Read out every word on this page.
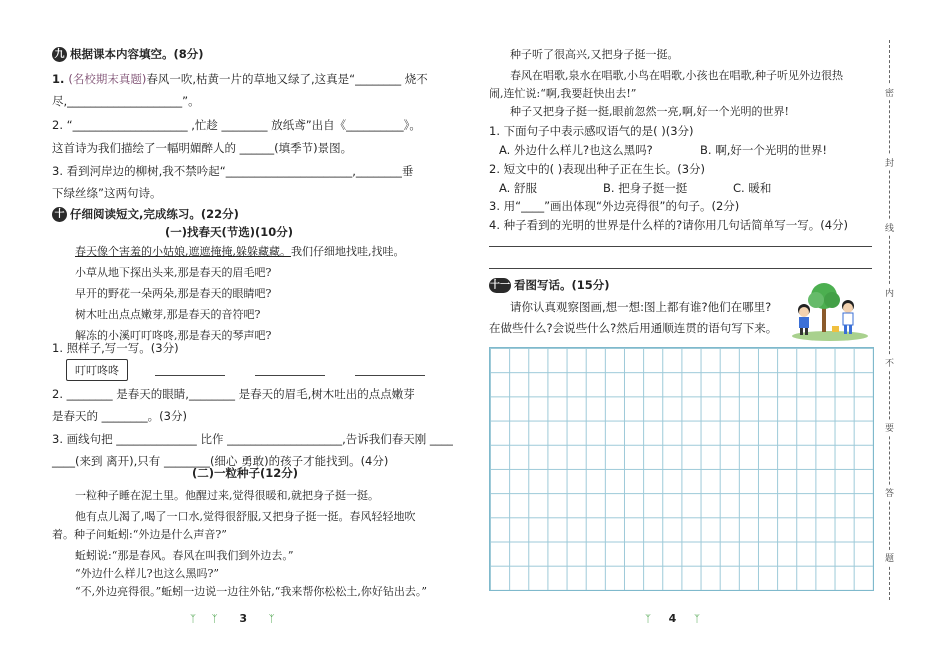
九 根据课本内容填空。(8分)
1. (名校期末真题)春风一吹,枯黄一片的草地又绿了,这真是“________ 烧不
尽,____________________”。
2. “____________________ ,忙趁 ________ 放纸鸢”出自《__________》。
这首诗为我们描绘了一幅明媚醉人的 ______(填季节)景图。
3. 看到河岸边的柳树,我不禁吟起“______________________,________垂
下绿丝绦”这两句诗。
十 仔细阅读短文,完成练习。(22分)
(一)找春天(节选)(10分)
春天像个害羞的小姑娘,遮遮掩掩,躲躲藏藏。我们仔细地找哇,找哇。
小草从地下探出头来,那是春天的眉毛吧?
早开的野花一朵两朵,那是春天的眼睛吧?
树木吐出点点嫩芽,那是春天的音符吧?
解冻的小溪叮叮咚咚,那是春天的琴声吧?
1. 照样子,写一写。(3分)
叮叮咚咚
2. ________ 是春天的眼睛,________ 是春天的眉毛,树木吐出的点点嫩芽
是春天的 ________。(3分)
3. 画线句把 ______________ 比作 ____________________,告诉我们春天刚 ____
____(来到 离开),只有 ________(细心 勇敢)的孩子才能找到。(4分)
(二)一粒种子(12分)
一粒种子睡在泥土里。他醒过来,觉得很暖和,就把身子挺一挺。
他有点儿渴了,喝了一口水,觉得很舒服,又把身子挺一挺。春风轻轻地吹
着。种子问蚯蚓:“外边是什么声音?”
蚯蚓说:“那是春风。春风在叫我们到外边去。”
“外边什么样儿?也这么黑吗?”
“不,外边亮得很。”蚯蚓一边说一边往外钻,“我来帮你松松土,你好钻出去。”
ᛉ ᛉ 3 ᛉ
种子听了很高兴,又把身子挺一挺。
春风在唱歌,泉水在唱歌,小鸟在唱歌,小孩也在唱歌,种子听见外边很热
闹,连忙说:“啊,我要赶快出去!”
种子又把身子挺一挺,眼前忽然一亮,啊,好一个光明的世界!
1. 下面句子中表示感叹语气的是( )(3分)
A. 外边什么样儿?也这么黑吗?	B. 啊,好一个光明的世界!
2. 短文中的( )表现出种子正在生长。(3分)
A. 舒服	B. 把身子挺一挺	C. 暖和
3. 用“____”画出体现“外边亮得很”的句子。(2分)
4. 种子看到的光明的世界是什么样的?请你用几句话简单写一写。(4分)
十一 看图写话。(15分)
请你认真观察图画,想一想:图上都有谁?他们在哪里?
在做些什么?会说些什么?然后用通顺连贯的语句写下来。
ᛉ 4 ᛉ
密
封
线
内
不
要
答
题
